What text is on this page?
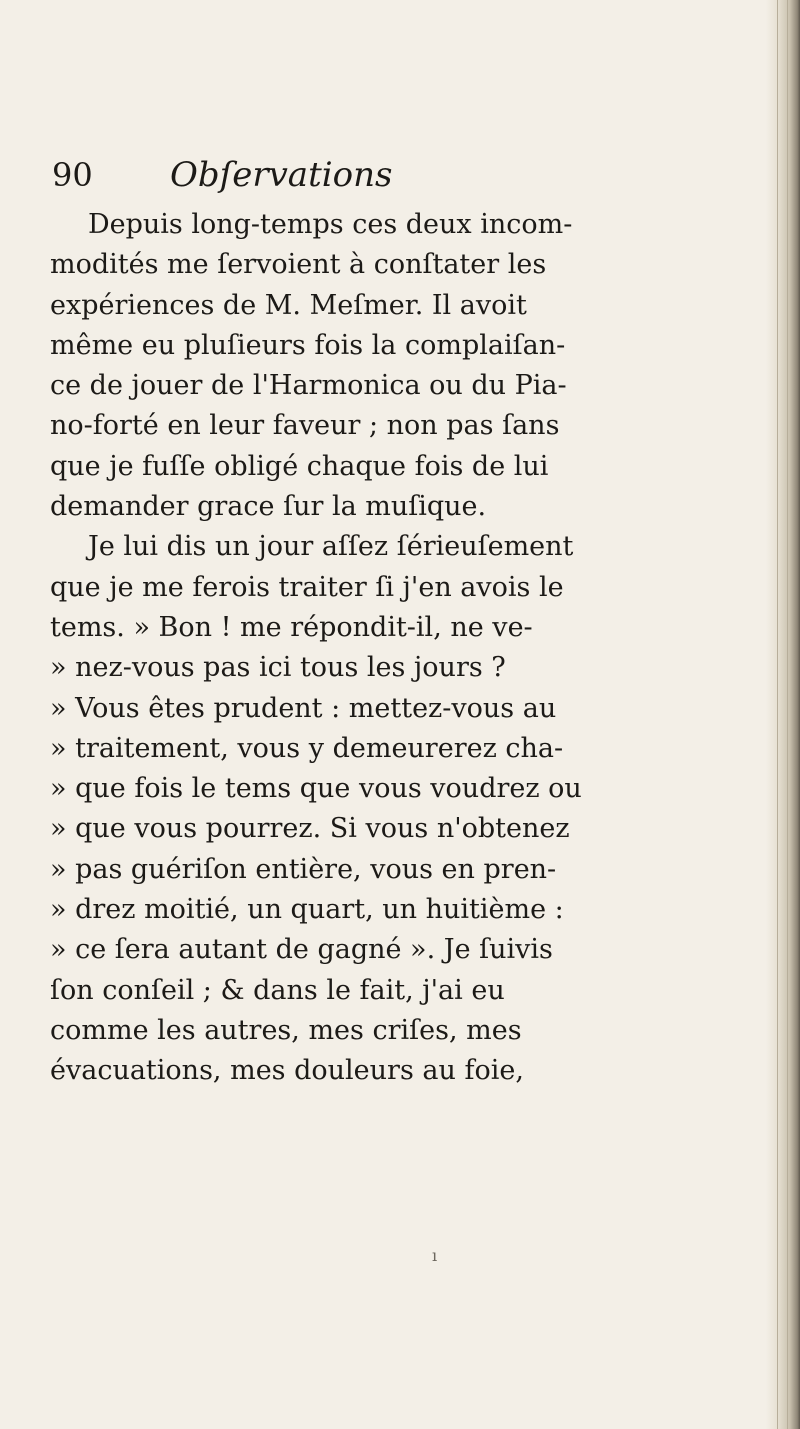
90 Obſervations
Depuis long-temps ces deux incom-
modités me ſervoient à conſtater les
expériences de M. Meſmer. Il avoit
même eu pluſieurs fois la complaiſan-
ce de jouer de l'Harmonica ou du Pia-
no-forté en leur faveur ; non pas ſans
que je fuſſe obligé chaque fois de lui
demander grace ſur la muſique.
Je lui dis un jour aſſez ſérieuſement
que je me ferois traiter ſi j'en avois le
tems. » Bon ! me répondit-il, ne ve-
» nez-vous pas ici tous les jours ?
» Vous êtes prudent : mettez-vous au
» traitement, vous y demeurerez cha-
» que fois le tems que vous voudrez ou
» que vous pourrez. Si vous n'obtenez
» pas guériſon entière, vous en pren-
» drez moitié, un quart, un huitième :
» ce ſera autant de gagné ». Je ſuivis
ſon conſeil ; & dans le fait, j'ai eu
comme les autres, mes criſes, mes
évacuations, mes douleurs au foie,
ı
